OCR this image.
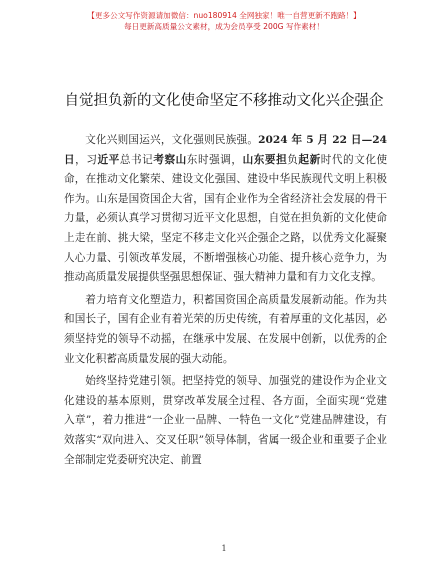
【更多公文写作资源请加微信：nuo180914 全网独家！唯一自营更新不跑路！】
每日更新高质量公文素材，成为会员享受 200G 写作素材！
自觉担负新的文化使命坚定不移推动文化兴企强企

文化兴则国运兴，文化强则民族强。2024 年 5 月 22 日—24 日，习近平总书记考察山东时强调，山东要担负起新时代的文化使命，在推动文化繁荣、建设文化强国、建设中华民族现代文明上积极作为。山东是国资国企大省，国有企业作为全省经济社会发展的骨干力量，必须认真学习贯彻习近平文化思想，自觉在担负新的文化使命上走在前、挑大梁，坚定不移走文化兴企强企之路，以优秀文化凝聚人心力量、引领改革发展，不断增强核心功能、提升核心竞争力，为推动高质量发展提供坚强思想保证、强大精神力量和有力文化支撑。

着力培育文化塑造力，积蓄国资国企高质量发展新动能。作为共和国长子，国有企业有着光荣的历史传统，有着厚重的文化基因，必须坚持党的领导不动摇，在继承中发展、在发展中创新，以优秀的企业文化积蓄高质量发展的强大动能。

始终坚持党建引领。把坚持党的领导、加强党的建设作为企业文化建设的基本原则，贯穿改革发展全过程、各方面，全面实现“党建入章”，着力推进“一企业一品牌、一特色一文化”党建品牌建设，有效落实“双向进入、交叉任职”领导体制，省属一级企业和重要子企业全部制定党委研究决定、前置

1
